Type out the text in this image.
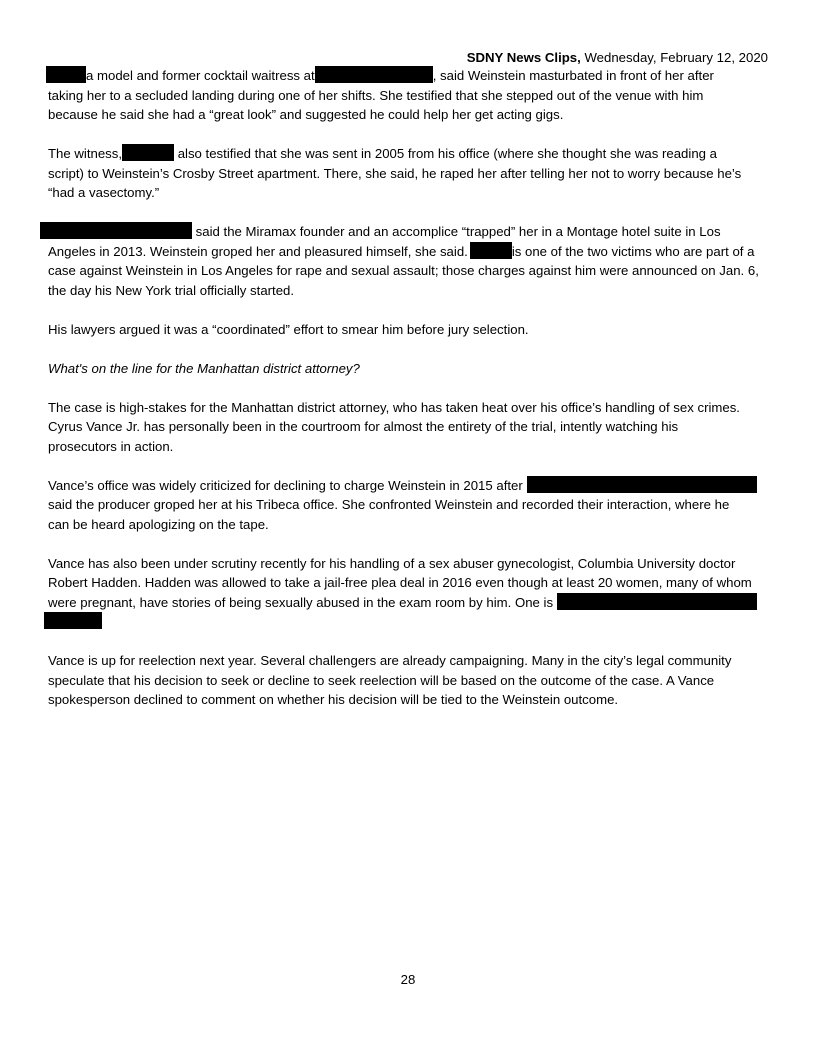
SDNY News Clips, Wednesday, February 12, 2020
a model and former cocktail waitress at	, said Weinstein masturbated in front of her after
taking her to a secluded landing during one of her shifts. She testified that she stepped out of the venue with him
because he said she had a “great look” and suggested he could help her get acting gigs.
The witness,	also testified that she was sent in 2005 from his office (where she thought she was reading a
script) to Weinstein’s Crosby Street apartment. There, she said, he raped her after telling her not to worry because he’s
“had a vasectomy.”
said the Miramax founder and an accomplice “trapped” her in a Montage hotel suite in Los
Angeles in 2013. Weinstein groped her and pleasured himself, she said.	is one of the two victims who are part of a
case against Weinstein in Los Angeles for rape and sexual assault; those charges against him were announced on Jan. 6,
the day his New York trial officially started.
His lawyers argued it was a “coordinated” effort to smear him before jury selection.
What's on the line for the Manhattan district attorney?
The case is high-stakes for the Manhattan district attorney, who has taken heat over his office’s handling of sex crimes.
Cyrus Vance Jr. has personally been in the courtroom for almost the entirety of the trial, intently watching his
prosecutors in action.
Vance’s office was widely criticized for declining to charge Weinstein in 2015 after
said the producer groped her at his Tribeca office. She confronted Weinstein and recorded their interaction, where he
can be heard apologizing on the tape.
Vance has also been under scrutiny recently for his handling of a sex abuser gynecologist, Columbia University doctor
Robert Hadden. Hadden was allowed to take a jail-free plea deal in 2016 even though at least 20 women, many of whom
were pregnant, have stories of being sexually abused in the exam room by him. One is
Vance is up for reelection next year. Several challengers are already campaigning. Many in the city’s legal community
speculate that his decision to seek or decline to seek reelection will be based on the outcome of the case. A Vance
spokesperson declined to comment on whether his decision will be tied to the Weinstein outcome.
28
